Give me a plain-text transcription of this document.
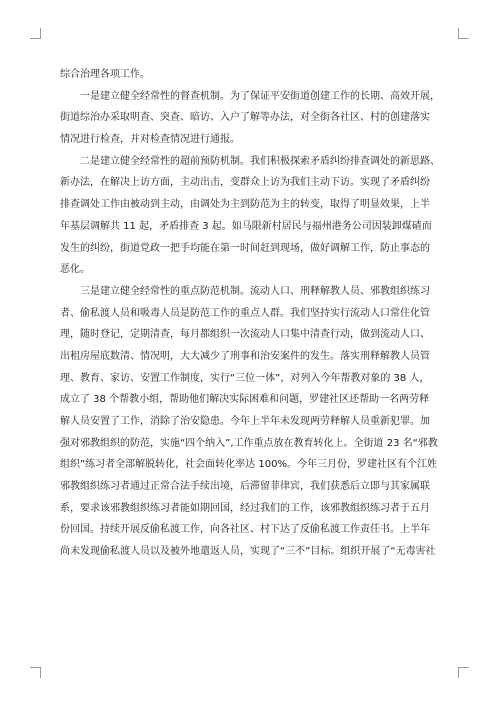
综合治理各项工作。
一是建立健全经常性的督查机制。为了保证平安街道创建工作的长期、高效开展，
街道综治办采取明查、突查、暗访、入户了解等办法，对全街各社区、村的创建落实
情况进行检查，并对检查情况进行通报。
二是建立健全经常性的超前预防机制。我们积极探索矛盾纠纷排查调处的新思路、
新办法，在解决上访方面，主动出击，变群众上访为我们主动下访。实现了矛盾纠纷
排查调处工作由被动到主动，由调处为主到防范为主的转变，取得了明显效果，上半
年基层调解共 11 起，矛盾排查 3 起。如马限新村居民与福州港务公司因装卸煤碴而
发生的纠纷，街道党政一把手均能在第一时间赶到现场，做好调解工作，防止事态的
恶化。
三是建立健全经常性的重点防范机制。流动人口、刑释解教人员、邪教组织练习
者、偷私渡人员和吸毒人员是防范工作的重点人群。我们坚持实行流动人口常住化管
理，随时登记，定期清查，每月都组织一次流动人口集中清查行动，做到流动人口、
出租房屋底数清、情况明，大大减少了刑事和治安案件的发生。落实刑释解教人员管
理、教育、家访、安置工作制度，实行“三位一体”，对列入今年帮教对象的 38 人，
成立了 38 个帮教小组，帮助他们解决实际困难和问题，罗建社区还帮助一名两劳释
解人员安置了工作，消除了治安隐患。今年上半年未发现两劳释解人员重新犯罪。加
强对邪教组织的防范，实施“四个纳入”,工作重点放在教育转化上。全街道 23 名“邪教
组织”练习者全部解脱转化，社会面转化率达 100%。今年三月份，罗建社区有个江姓
邪教组织练习者通过正常合法手续出境，后滞留菲律宾，我们获悉后立即与其家属联
系，要求该邪教组织练习者能如期回国，经过我们的工作，该邪教组织练习者于五月
份回国。持续开展反偷私渡工作，向各社区、村下达了反偷私渡工作责任书。上半年
尚未发现偷私渡人员以及被外地遣返人员，实现了“三不”目标。组织开展了“无毒害社
